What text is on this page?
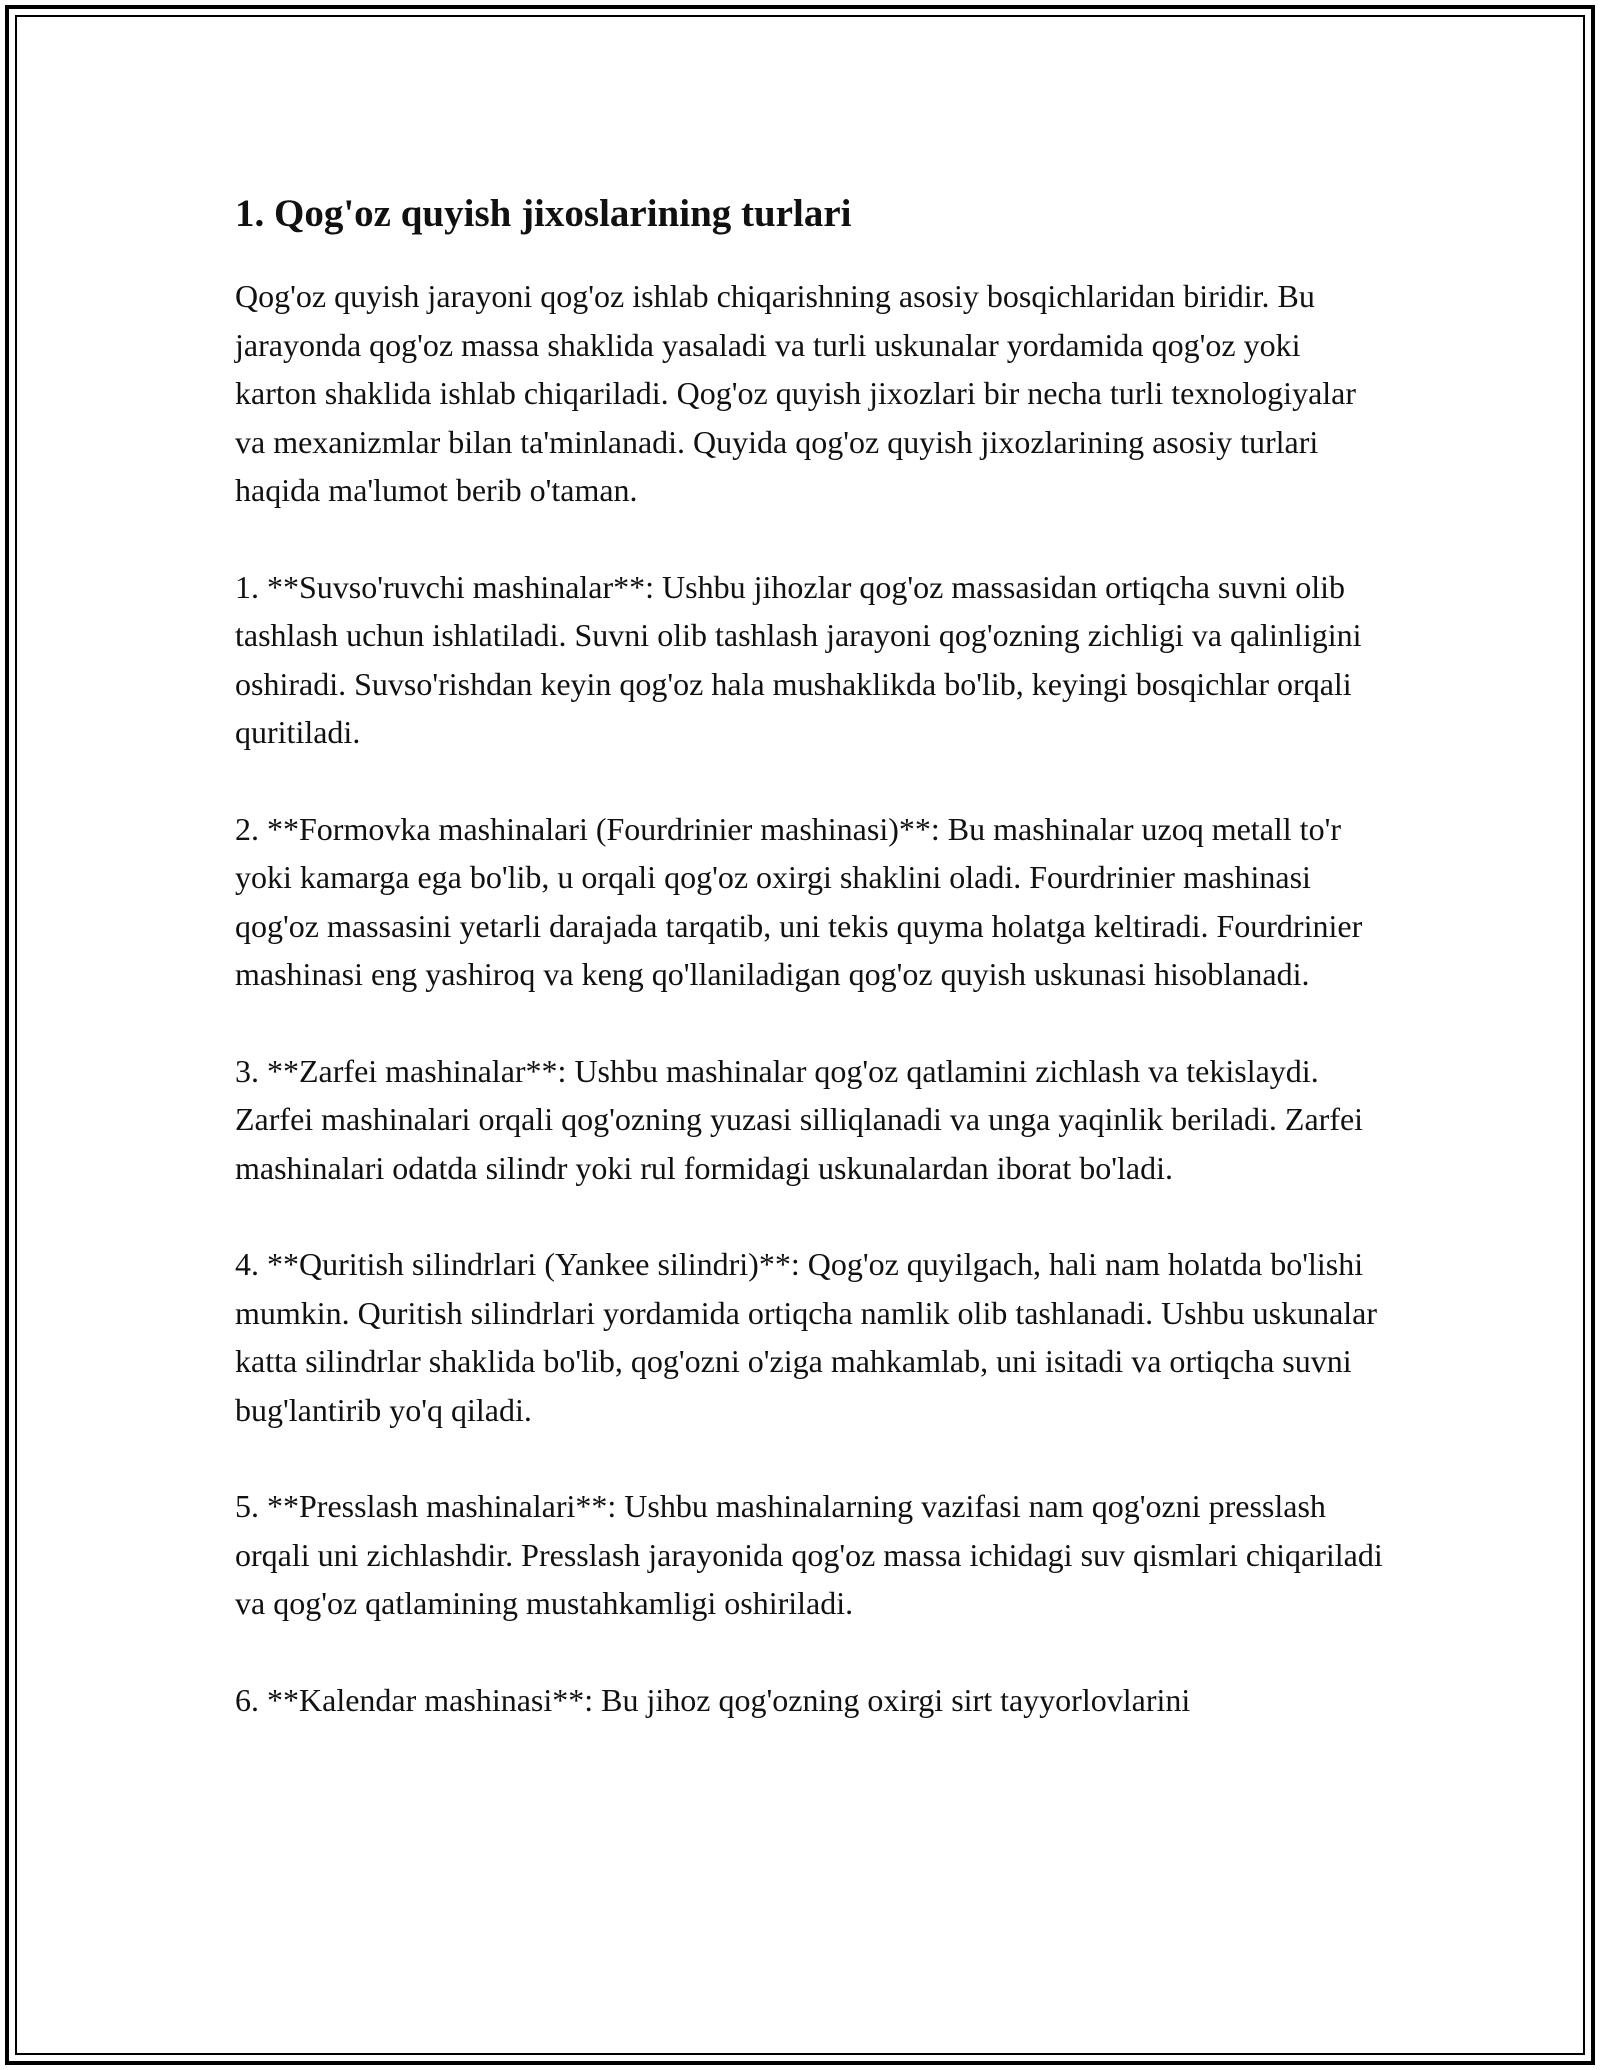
1. Qog'oz quyish jixoslarining turlari

Qog'oz quyish jarayoni qog'oz ishlab chiqarishning asosiy bosqichlaridan biridir. Bu jarayonda qog'oz massa shaklida yasaladi va turli uskunalar yordamida qog'oz yoki karton shaklida ishlab chiqariladi. Qog'oz quyish jixozlari bir necha turli texnologiyalar va mexanizmlar bilan ta'minlanadi. Quyida qog'oz quyish jixozlarining asosiy turlari haqida ma'lumot berib o'taman.

1. **Suvso'ruvchi mashinalar**: Ushbu jihozlar qog'oz massasidan ortiqcha suvni olib tashlash uchun ishlatiladi. Suvni olib tashlash jarayoni qog'ozning zichligi va qalinligini oshiradi. Suvso'rishdan keyin qog'oz hala mushaklikda bo'lib, keyingi bosqichlar orqali quritiladi.

2. **Formovka mashinalari (Fourdrinier mashinasi)**: Bu mashinalar uzoq metall to'r yoki kamarga ega bo'lib, u orqali qog'oz oxirgi shaklini oladi. Fourdrinier mashinasi qog'oz massasini yetarli darajada tarqatib, uni tekis quyma holatga keltiradi. Fourdrinier mashinasi eng yashiroq va keng qo'llaniladigan qog'oz quyish uskunasi hisoblanadi.

3. **Zarfei mashinalar**: Ushbu mashinalar qog'oz qatlamini zichlash va tekislaydi. Zarfei mashinalari orqali qog'ozning yuzasi silliqlanadi va unga yaqinlik beriladi. Zarfei mashinalari odatda silindr yoki rul formidagi uskunalardan iborat bo'ladi.

4. **Quritish silindrlari (Yankee silindri)**: Qog'oz quyilgach, hali nam holatda bo'lishi mumkin. Quritish silindrlari yordamida ortiqcha namlik olib tashlanadi. Ushbu uskunalar katta silindrlar shaklida bo'lib, qog'ozni o'ziga mahkamlab, uni isitadi va ortiqcha suvni bug'lantirib yo'q qiladi.

5. **Presslash mashinalari**: Ushbu mashinalarning vazifasi nam qog'ozni presslash orqali uni zichlashdir. Presslash jarayonida qog'oz massa ichidagi suv qismlari chiqariladi va qog'oz qatlamining mustahkamligi oshiriladi.

6. **Kalendar mashinasi**: Bu jihoz qog'ozning oxirgi sirt tayyorlovlarini
